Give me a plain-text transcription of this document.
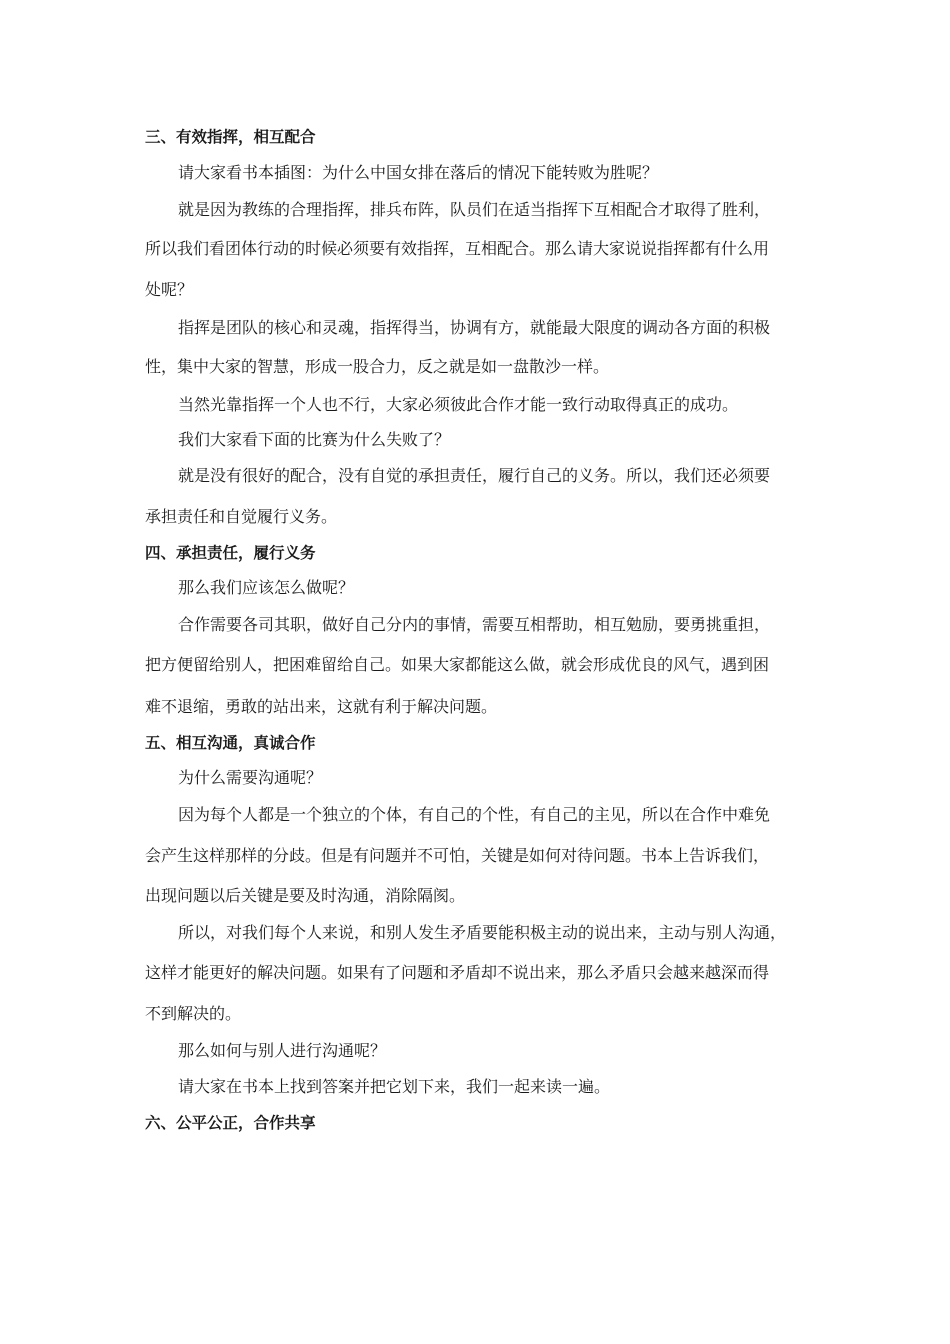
三、有效指挥，相互配合
请大家看书本插图：为什么中国女排在落后的情况下能转败为胜呢？
就是因为教练的合理指挥，排兵布阵，队员们在适当指挥下互相配合才取得了胜利，
所以我们看团体行动的时候必须要有效指挥，互相配合。那么请大家说说指挥都有什么用
处呢？
指挥是团队的核心和灵魂，指挥得当，协调有方，就能最大限度的调动各方面的积极
性，集中大家的智慧，形成一股合力，反之就是如一盘散沙一样。
当然光靠指挥一个人也不行，大家必须彼此合作才能一致行动取得真正的成功。
我们大家看下面的比赛为什么失败了？
就是没有很好的配合，没有自觉的承担责任，履行自己的义务。所以，我们还必须要
承担责任和自觉履行义务。
四、承担责任，履行义务
那么我们应该怎么做呢？
合作需要各司其职，做好自己分内的事情，需要互相帮助，相互勉励，要勇挑重担，
把方便留给别人，把困难留给自己。如果大家都能这么做，就会形成优良的风气，遇到困
难不退缩，勇敢的站出来，这就有利于解决问题。
五、相互沟通，真诚合作
为什么需要沟通呢？
因为每个人都是一个独立的个体，有自己的个性，有自己的主见，所以在合作中难免
会产生这样那样的分歧。但是有问题并不可怕，关键是如何对待问题。书本上告诉我们，
出现问题以后关键是要及时沟通，消除隔阂。
所以，对我们每个人来说，和别人发生矛盾要能积极主动的说出来，主动与别人沟通，
这样才能更好的解决问题。如果有了问题和矛盾却不说出来，那么矛盾只会越来越深而得
不到解决的。
那么如何与别人进行沟通呢？
请大家在书本上找到答案并把它划下来，我们一起来读一遍。
六、公平公正，合作共享
